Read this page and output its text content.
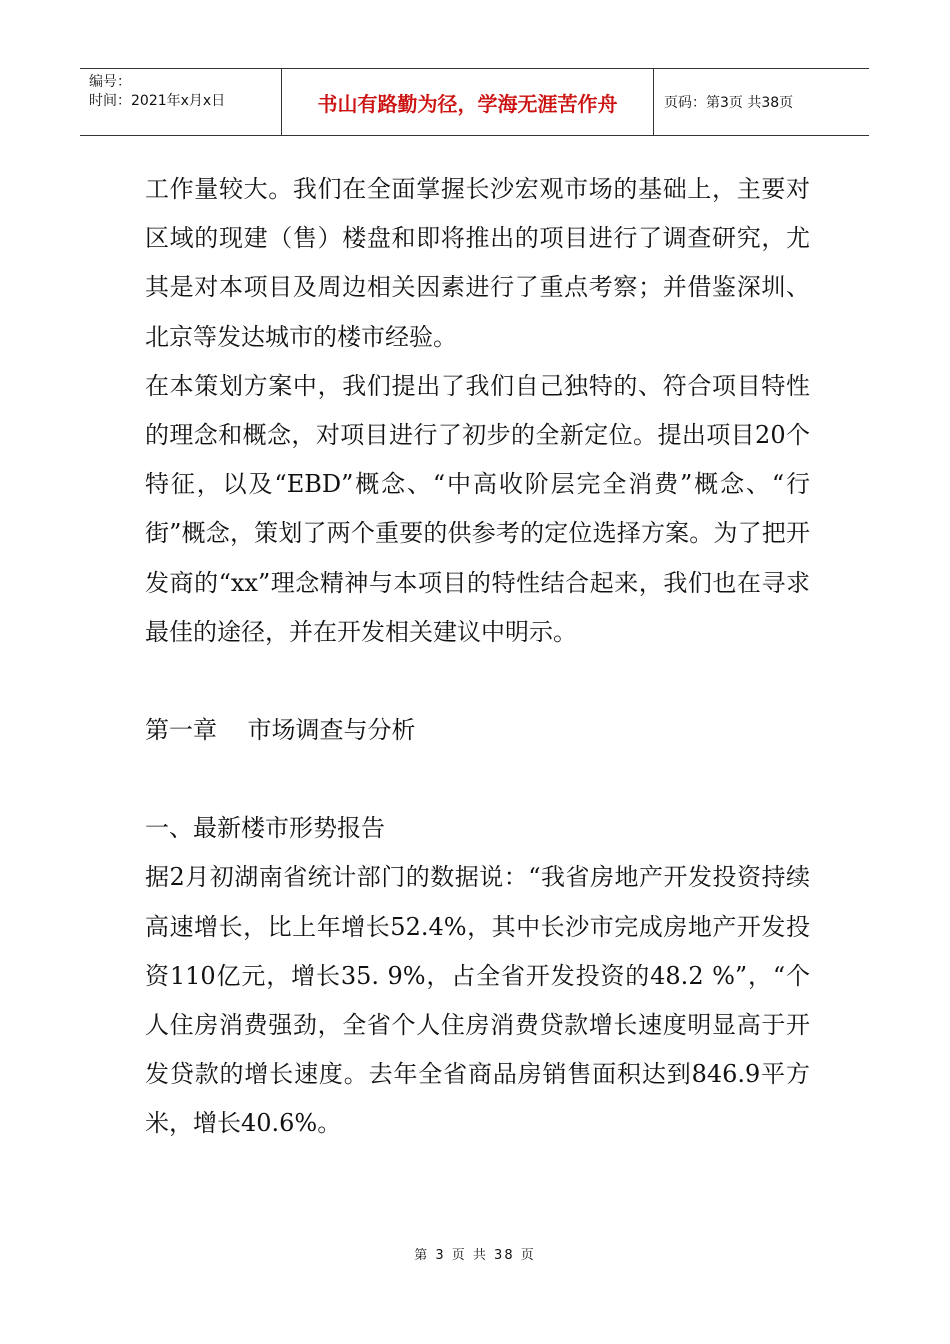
编号：
时间：2021年x月x日	书山有路勤为径，学海无涯苦作舟	页码：第3页 共38页

工作量较大。我们在全面掌握长沙宏观市场的基础上，主要对区域的现建（售）楼盘和即将推出的项目进行了调查研究，尤其是对本项目及周边相关因素进行了重点考察；并借鉴深圳、北京等发达城市的楼市经验。

在本策划方案中，我们提出了我们自己独特的、符合项目特性的理念和概念，对项目进行了初步的全新定位。提出项目20个特征，以及“EBD”概念、“中高收阶层完全消费”概念、“行街”概念，策划了两个重要的供参考的定位选择方案。为了把开发商的“xx”理念精神与本项目的特性结合起来，我们也在寻求最佳的途径，并在开发相关建议中明示。

第一章    市场调查与分析

一、最新楼市形势报告

据2月初湖南省统计部门的数据说：“我省房地产开发投资持续高速增长，比上年增长52.4%，其中长沙市完成房地产开发投资110亿元，增长35. 9%，占全省开发投资的48.2 %”，“个人住房消费强劲，全省个人住房消费贷款增长速度明显高于开发贷款的增长速度。去年全省商品房销售面积达到846.9平方米，增长40.6%。

第 3 页 共 38 页
